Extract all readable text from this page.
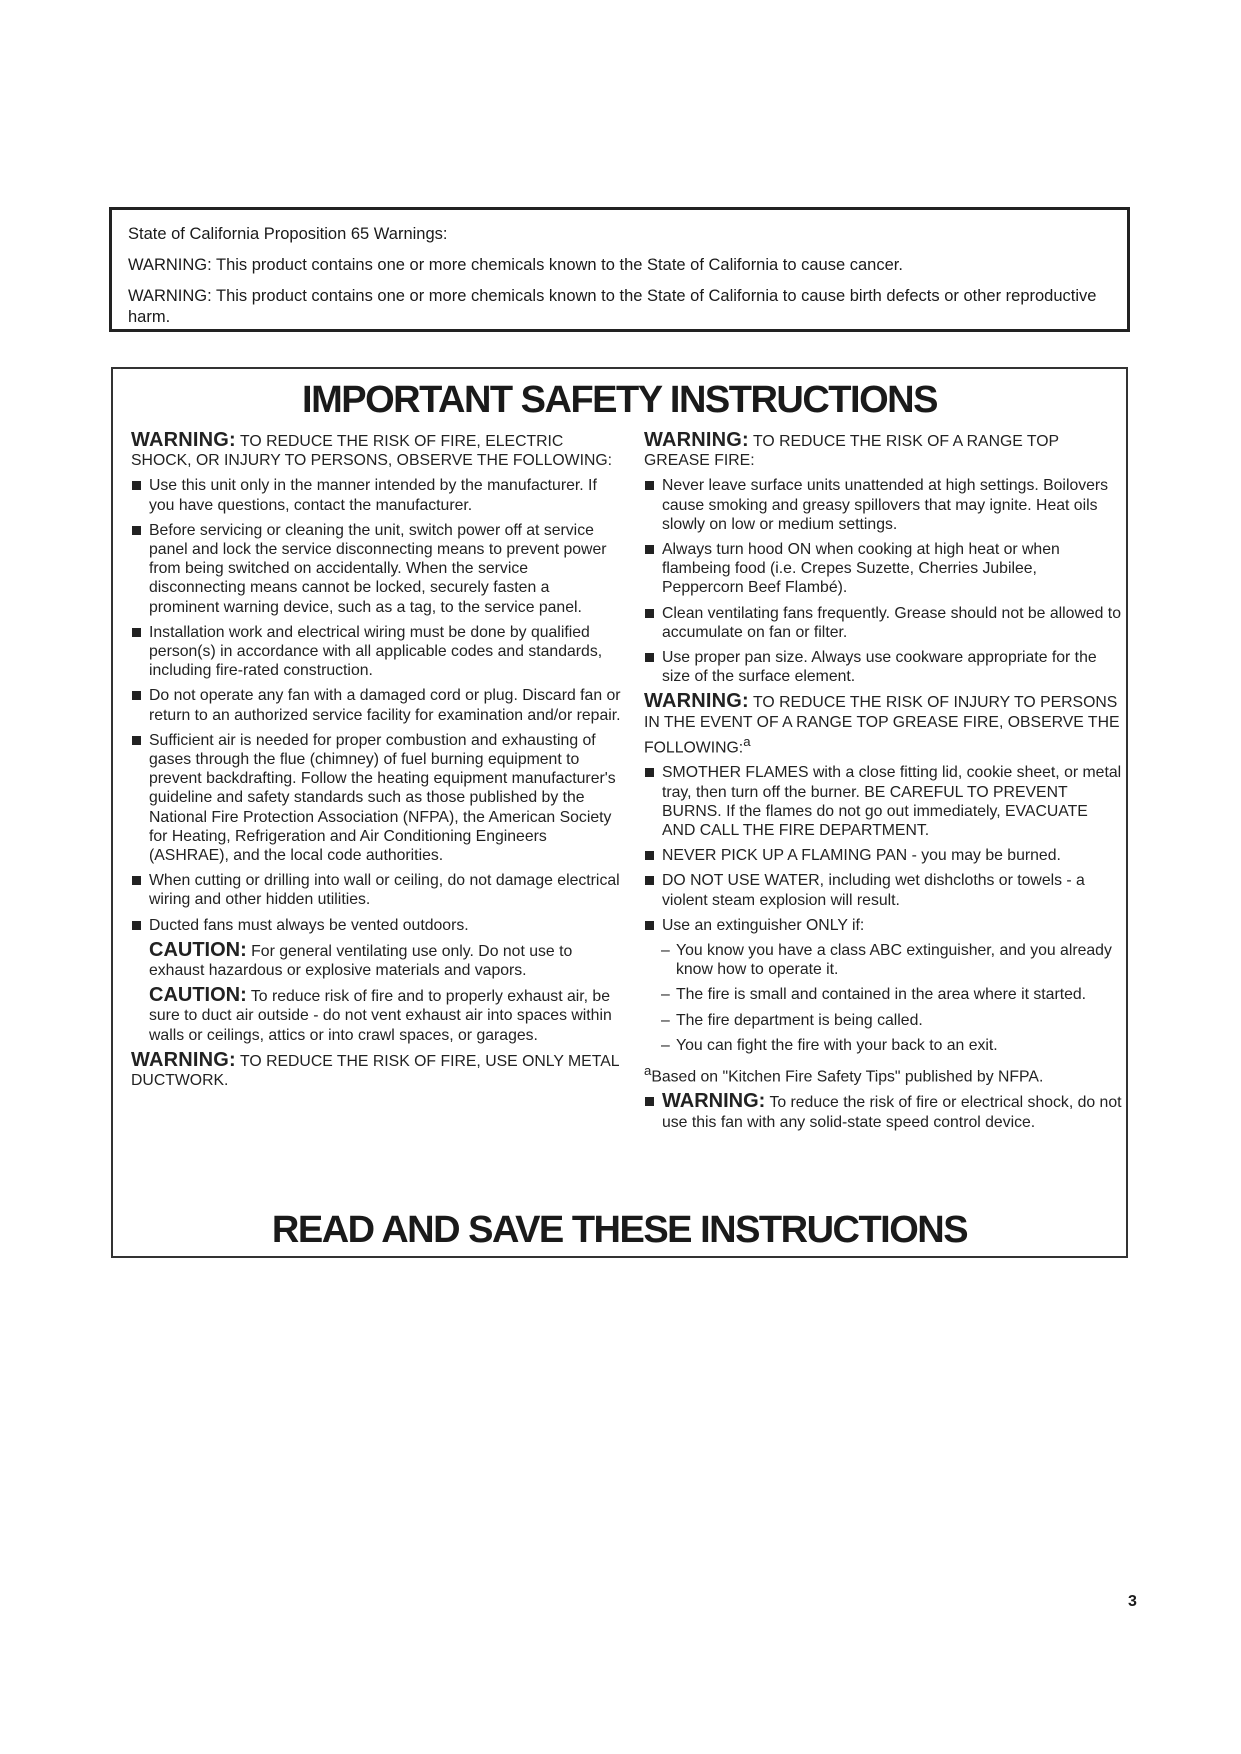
State of California Proposition 65 Warnings:

WARNING: This product contains one or more chemicals known to the State of California to cause cancer.

WARNING: This product contains one or more chemicals known to the State of California to cause birth defects or other reproductive harm.

IMPORTANT SAFETY INSTRUCTIONS

WARNING: TO REDUCE THE RISK OF FIRE, ELECTRIC SHOCK, OR INJURY TO PERSONS, OBSERVE THE FOLLOWING:

Use this unit only in the manner intended by the manufacturer. If you have questions, contact the manufacturer.

Before servicing or cleaning the unit, switch power off at service panel and lock the service disconnecting means to prevent power from being switched on accidentally. When the service disconnecting means cannot be locked, securely fasten a prominent warning device, such as a tag, to the service panel.

Installation work and electrical wiring must be done by qualified person(s) in accordance with all applicable codes and standards, including fire-rated construction.

Do not operate any fan with a damaged cord or plug. Discard fan or return to an authorized service facility for examination and/or repair.

Sufficient air is needed for proper combustion and exhausting of gases through the flue (chimney) of fuel burning equipment to prevent backdrafting. Follow the heating equipment manufacturer's guideline and safety standards such as those published by the National Fire Protection Association (NFPA), the American Society for Heating, Refrigeration and Air Conditioning Engineers (ASHRAE), and the local code authorities.

When cutting or drilling into wall or ceiling, do not damage electrical wiring and other hidden utilities.

Ducted fans must always be vented outdoors.

CAUTION: For general ventilating use only. Do not use to exhaust hazardous or explosive materials and vapors.

CAUTION: To reduce risk of fire and to properly exhaust air, be sure to duct air outside - do not vent exhaust air into spaces within walls or ceilings, attics or into crawl spaces, or garages.

WARNING: TO REDUCE THE RISK OF FIRE, USE ONLY METAL DUCTWORK.

WARNING: TO REDUCE THE RISK OF A RANGE TOP GREASE FIRE:

Never leave surface units unattended at high settings. Boilovers cause smoking and greasy spillovers that may ignite. Heat oils slowly on low or medium settings.

Always turn hood ON when cooking at high heat or when flambeing food (i.e. Crepes Suzette, Cherries Jubilee, Peppercorn Beef Flambé).

Clean ventilating fans frequently. Grease should not be allowed to accumulate on fan or filter.

Use proper pan size. Always use cookware appropriate for the size of the surface element.

WARNING: TO REDUCE THE RISK OF INJURY TO PERSONS IN THE EVENT OF A RANGE TOP GREASE FIRE, OBSERVE THE FOLLOWING:$^a$

SMOTHER FLAMES with a close fitting lid, cookie sheet, or metal tray, then turn off the burner. BE CAREFUL TO PREVENT BURNS. If the flames do not go out immediately, EVACUATE AND CALL THE FIRE DEPARTMENT.

NEVER PICK UP A FLAMING PAN - you may be burned.

DO NOT USE WATER, including wet dishcloths or towels - a violent steam explosion will result.

Use an extinguisher ONLY if:

– You know you have a class ABC extinguisher, and you already know how to operate it.

– The fire is small and contained in the area where it started.

– The fire department is being called.

– You can fight the fire with your back to an exit.

$^a$Based on "Kitchen Fire Safety Tips" published by NFPA.

WARNING: To reduce the risk of fire or electrical shock, do not use this fan with any solid-state speed control device.

READ AND SAVE THESE INSTRUCTIONS
3
